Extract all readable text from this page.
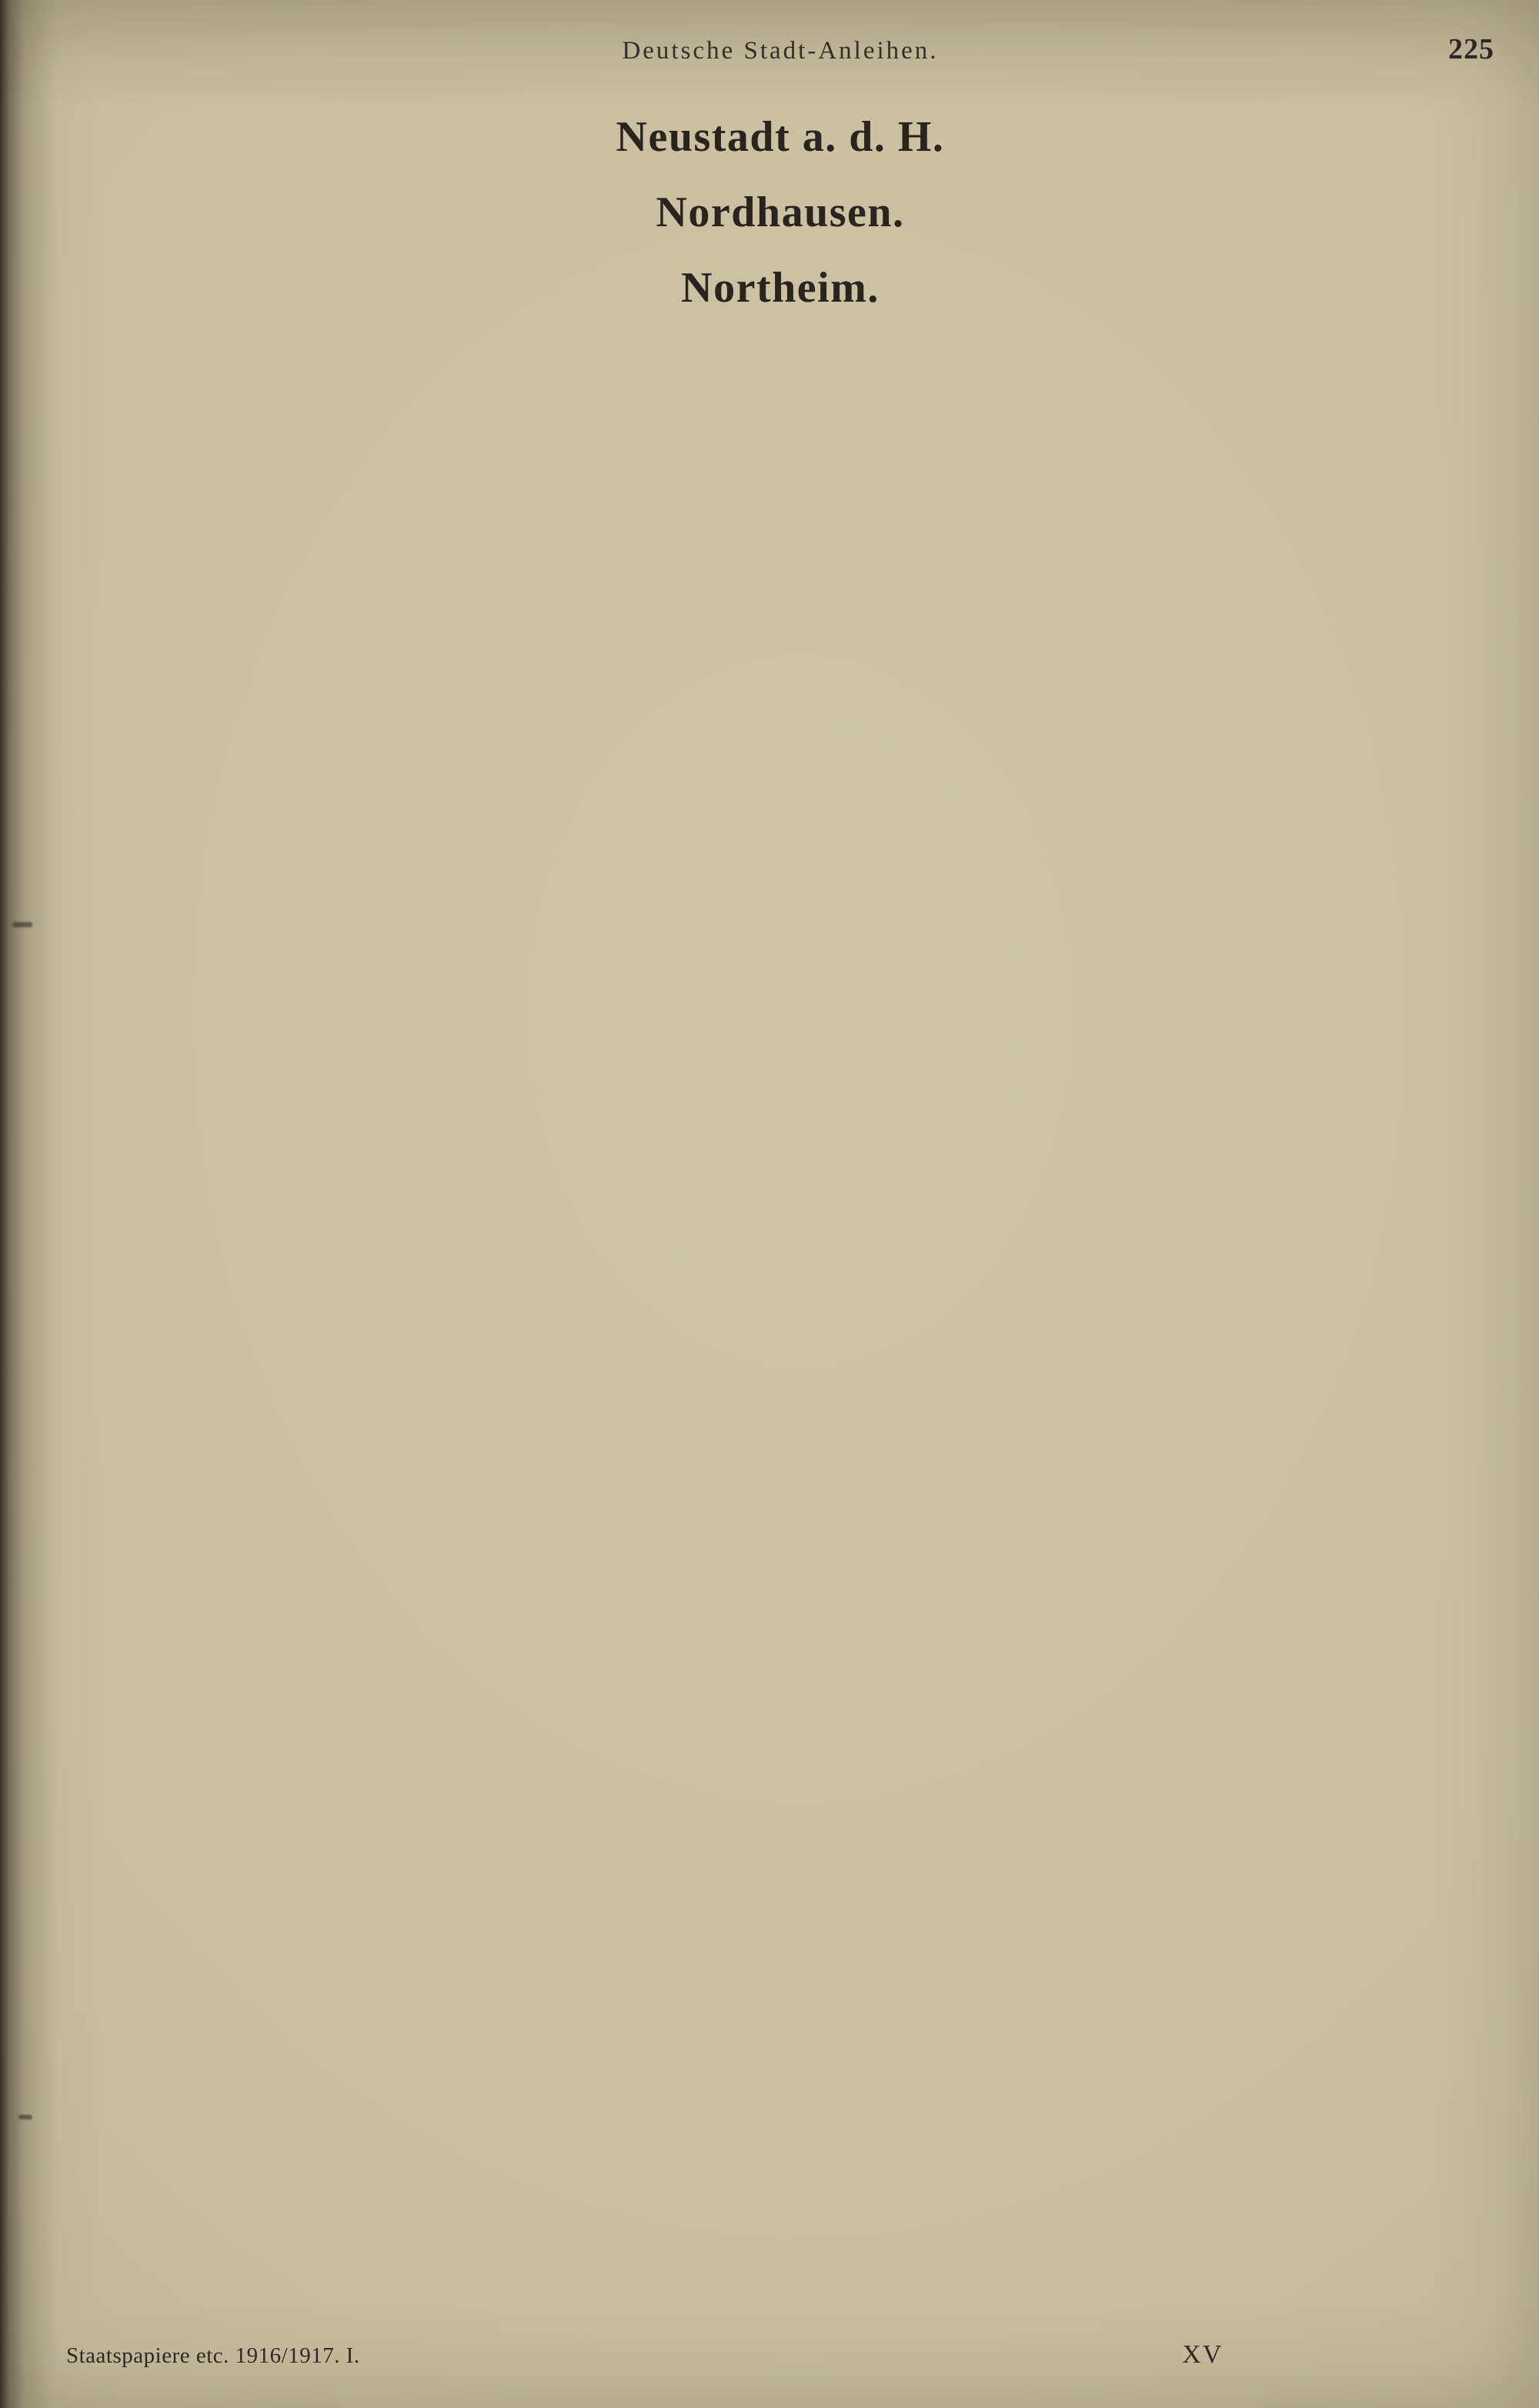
Deutsche Stadt-Anleihen.	225
Neustadt a. d. H.
Nordhausen.
Northeim.
Staatspapiere etc. 1916/1917. I.	XV
